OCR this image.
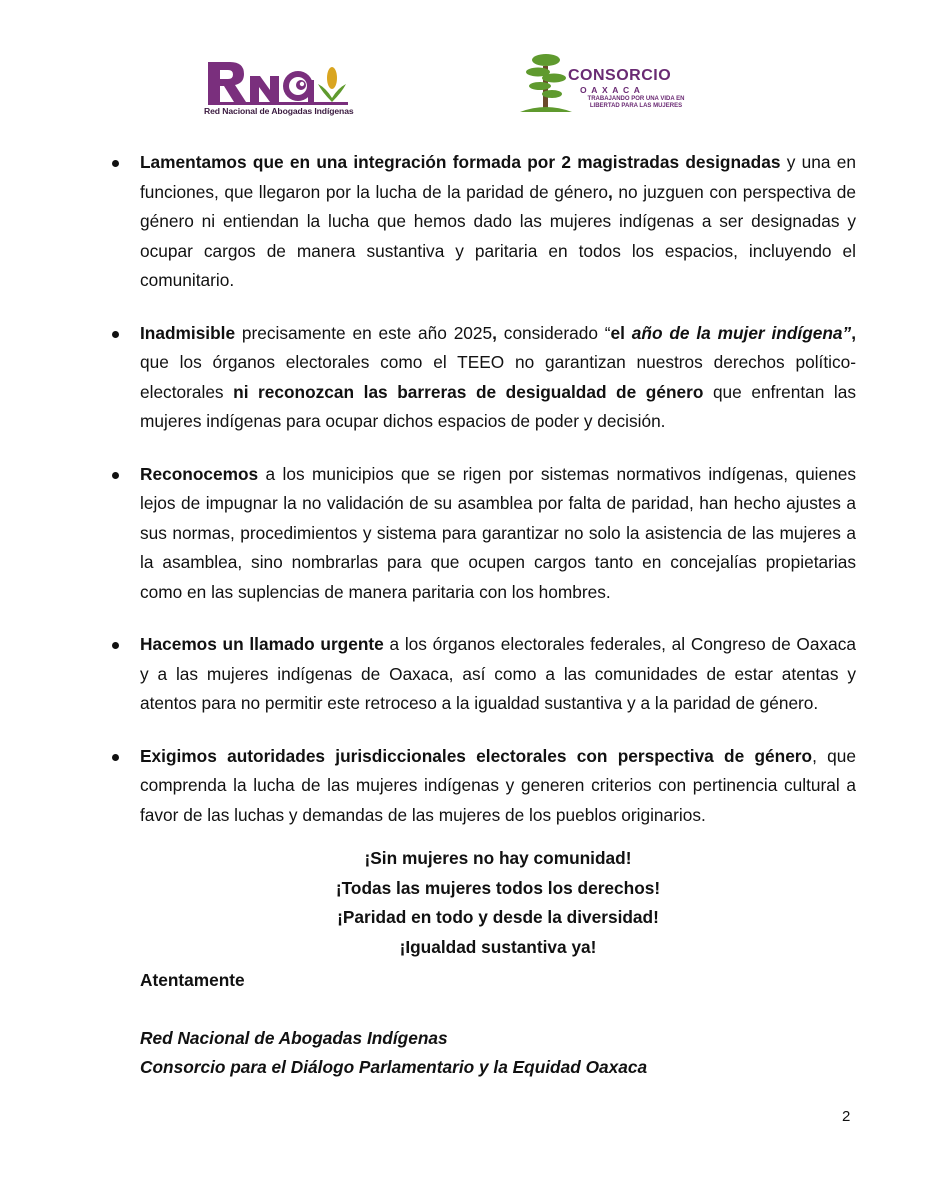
Red Nacional de Abogadas Indígenas
CONSORCIO
OAXACA
TRABAJANDO POR UNA VIDA EN LIBERTAD PARA LAS MUJERES
Lamentamos que en una integración formada por 2 magistradas designadas y una en funciones, que llegaron por la lucha de la paridad de género, no juzguen con perspectiva de género ni entiendan la lucha que hemos dado las mujeres indígenas a ser designadas y ocupar cargos de manera sustantiva y paritaria en todos los espacios, incluyendo el comunitario.
Inadmisible precisamente en este año 2025, considerado “el año de la mujer indígena”, que los órganos electorales como el TEEO no garantizan nuestros derechos político-electorales ni reconozcan las barreras de desigualdad de género que enfrentan las mujeres indígenas para ocupar dichos espacios de poder y decisión.
Reconocemos a los municipios que se rigen por sistemas normativos indígenas, quienes lejos de impugnar la no validación de su asamblea por falta de paridad, han hecho ajustes a sus normas, procedimientos y sistema para garantizar no solo la asistencia de las mujeres a la asamblea, sino nombrarlas para que ocupen cargos tanto en concejalías propietarias como en las suplencias de manera paritaria con los hombres.
Hacemos un llamado urgente a los órganos electorales federales, al Congreso de Oaxaca y a las mujeres indígenas de Oaxaca, así como a las comunidades de estar atentas y atentos para no permitir este retroceso a la igualdad sustantiva y a la paridad de género.
Exigimos autoridades jurisdiccionales electorales con perspectiva de género, que comprenda la lucha de las mujeres indígenas y generen criterios con pertinencia cultural a favor de las luchas y demandas de las mujeres de los pueblos originarios.
¡Sin mujeres no hay comunidad!
¡Todas las mujeres todos los derechos!
¡Paridad en todo y desde la diversidad!
¡Igualdad sustantiva ya!
Atentamente
Red Nacional de Abogadas Indígenas
Consorcio para el Diálogo Parlamentario y la Equidad Oaxaca
2
